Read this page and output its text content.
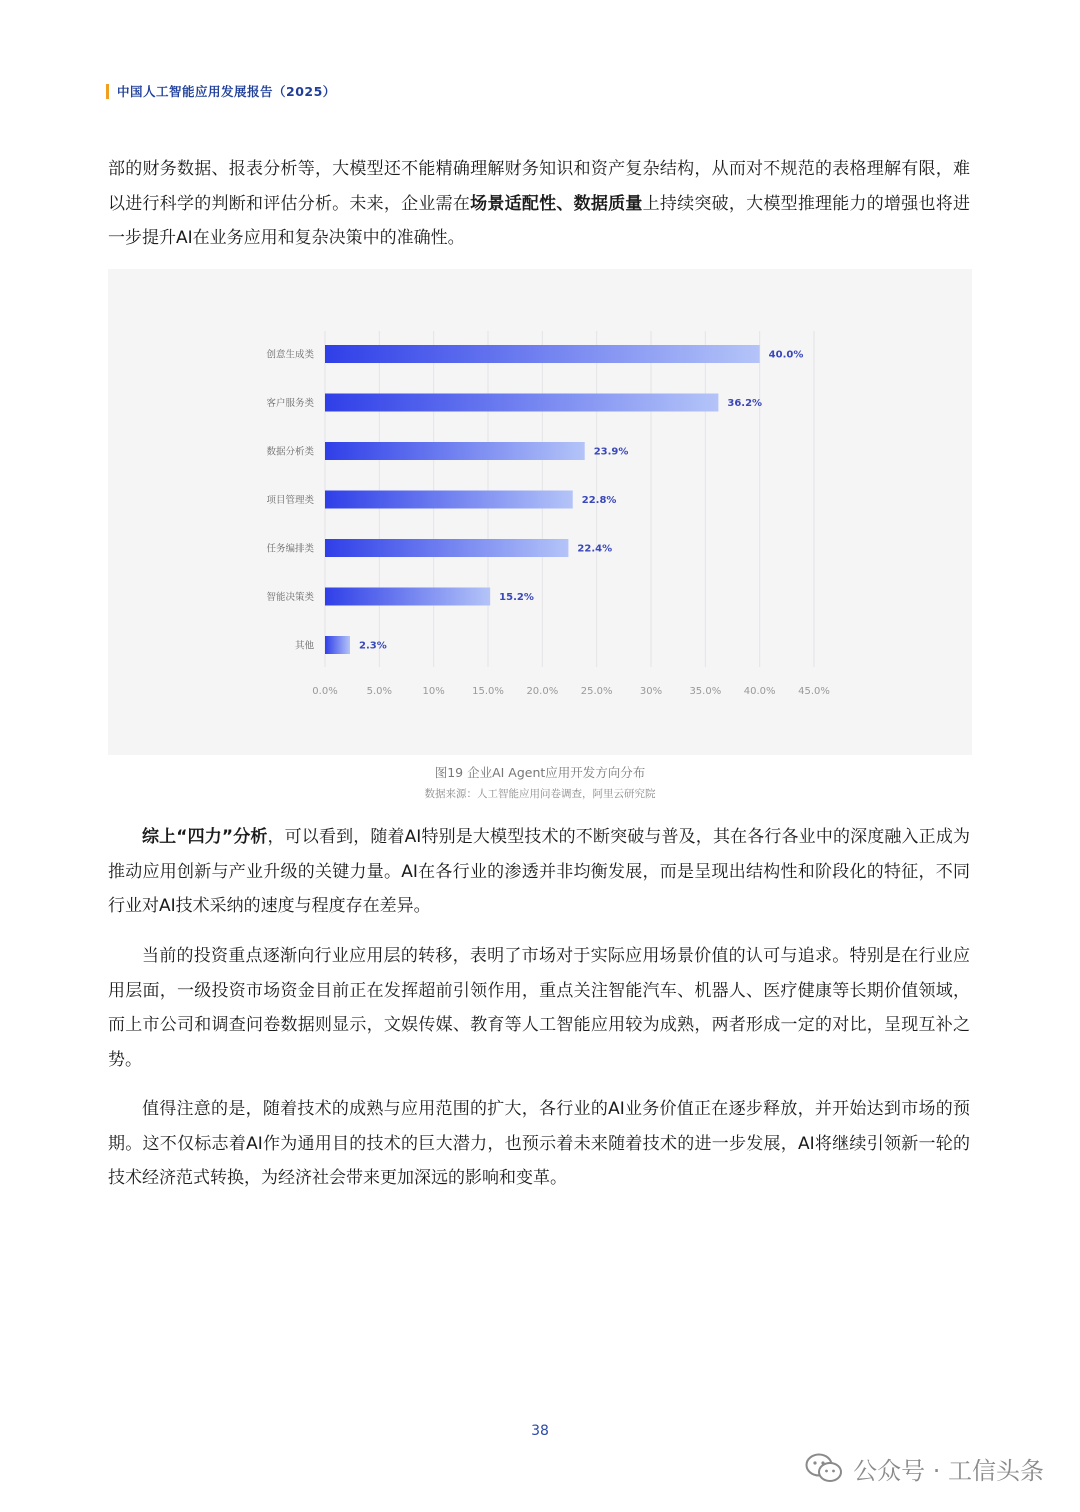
中国人工智能应用发展报告（2025）

部的财务数据、报表分析等，大模型还不能精确理解财务知识和资产复杂结构，从而对不规范的表格理解有限，难以进行科学的判断和评估分析。未来，企业需在场景适配性、数据质量上持续突破，大模型推理能力的增强也将进一步提升AI在业务应用和复杂决策中的准确性。

创意生成类	40.0%
客户服务类	36.2%
数据分析类	23.9%
项目管理类	22.8%
任务编排类	22.4%
智能决策类	15.2%
其他	2.3%
0.0%	5.0%	10%	15.0% 20.0% 25.0%	30%	35.0% 40.0% 45.0%
图19 企业AI Agent应用开发方向分布
数据来源：人工智能应用问卷调查，阿里云研究院

综上“四力”分析，可以看到，随着AI特别是大模型技术的不断突破与普及，其在各行各业中的深度融入正成为推动应用创新与产业升级的关键力量。AI在各行业的渗透并非均衡发展，而是呈现出结构性和阶段化的特征，不同行业对AI技术采纳的速度与程度存在差异。

当前的投资重点逐渐向行业应用层的转移，表明了市场对于实际应用场景价值的认可与追求。特别是在行业应用层面，一级投资市场资金目前正在发挥超前引领作用，重点关注智能汽车、机器人、医疗健康等长期价值领域，而上市公司和调查问卷数据则显示，文娱传媒、教育等人工智能应用较为成熟，两者形成一定的对比，呈现互补之势。

值得注意的是，随着技术的成熟与应用范围的扩大，各行业的AI业务价值正在逐步释放，并开始达到市场的预期。这不仅标志着AI作为通用目的技术的巨大潜力，也预示着未来随着技术的进一步发展，AI将继续引领新一轮的技术经济范式转换，为经济社会带来更加深远的影响和变革。

38
公众号 · 工信头条
